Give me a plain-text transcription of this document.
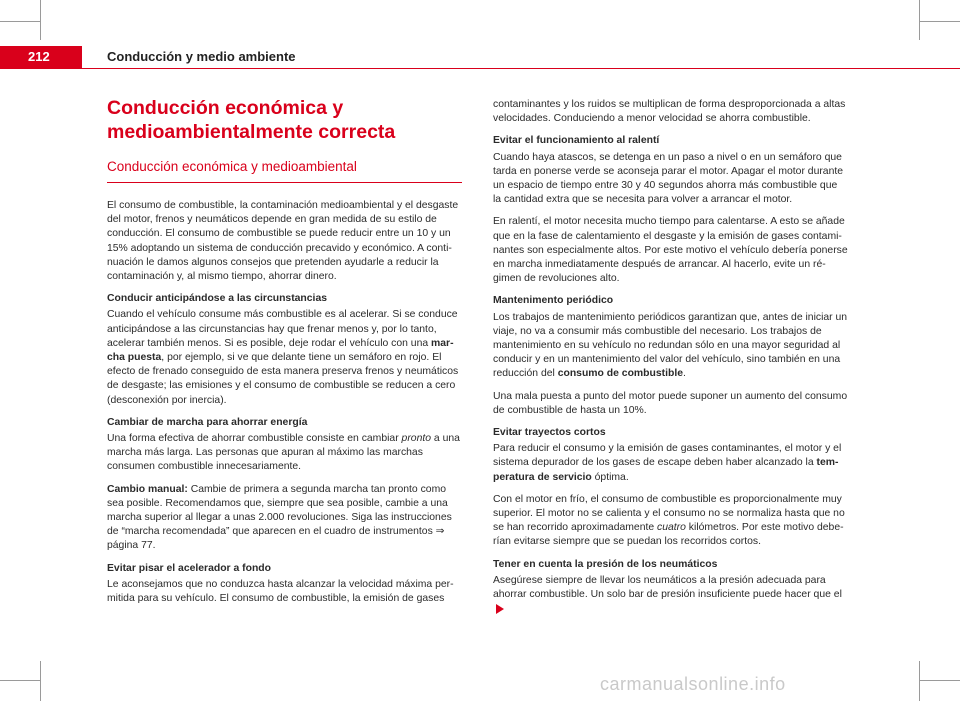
212	Conducción y medio ambiente
Conducción económica y medioambientalmente correcta
Conducción económica y medioambiental

El consumo de combustible, la contaminación medioambiental y el desgaste del motor, frenos y neumáticos depende en gran medida de su estilo de conducción. El consumo de combustible se puede reducir entre un 10 y un 15% adoptando un sistema de conducción precavido y económico. A continuación le damos algunos consejos que pretenden ayudarle a reducir la contaminación y, al mismo tiempo, ahorrar dinero.

Conducir anticipándose a las circunstancias

Cuando el vehículo consume más combustible es al acelerar. Si se conduce anticipándose a las circunstancias hay que frenar menos y, por lo tanto, acelerar también menos. Si es posible, deje rodar el vehículo con una marcha puesta, por ejemplo, si ve que delante tiene un semáforo en rojo. El efecto de frenado conseguido de esta manera preserva frenos y neumáticos de desgaste; las emisiones y el consumo de combustible se reducen a cero (desconexión por inercia).

Cambiar de marcha para ahorrar energía

Una forma efectiva de ahorrar combustible consiste en cambiar pronto a una marcha más larga. Las personas que apuran al máximo las marchas consumen combustible innecesariamente.

Cambio manual: Cambie de primera a segunda marcha tan pronto como sea posible. Recomendamos que, siempre que sea posible, cambie a una marcha superior al llegar a unas 2.000 revoluciones. Siga las instrucciones de “marcha recomendada” que aparecen en el cuadro de instrumentos ⇒ página 77.

Evitar pisar el acelerador a fondo

Le aconsejamos que no conduzca hasta alcanzar la velocidad máxima permitida para su vehículo. El consumo de combustible, la emisión de gases

contaminantes y los ruidos se multiplican de forma desproporcionada a altas velocidades. Conduciendo a menor velocidad se ahorra combustible.

Evitar el funcionamiento al ralentí

Cuando haya atascos, se detenga en un paso a nivel o en un semáforo que tarda en ponerse verde se aconseja parar el motor. Apagar el motor durante un espacio de tiempo entre 30 y 40 segundos ahorra más combustible que la cantidad extra que se necesita para volver a arrancar el motor.

En ralentí, el motor necesita mucho tiempo para calentarse. A esto se añade que en la fase de calentamiento el desgaste y la emisión de gases contaminantes son especialmente altos. Por este motivo el vehículo debería ponerse en marcha inmediatamente después de arrancar. Al hacerlo, evite un régimen de revoluciones alto.

Mantenimento periódico

Los trabajos de mantenimiento periódicos garantizan que, antes de iniciar un viaje, no va a consumir más combustible del necesario. Los trabajos de mantenimiento en su vehículo no redundan sólo en una mayor seguridad al conducir y en un mantenimiento del valor del vehículo, sino también en una reducción del consumo de combustible.

Una mala puesta a punto del motor puede suponer un aumento del consumo de combustible de hasta un 10%.

Evitar trayectos cortos

Para reducir el consumo y la emisión de gases contaminantes, el motor y el sistema depurador de los gases de escape deben haber alcanzado la temperatura de servicio óptima.

Con el motor en frío, el consumo de combustible es proporcionalmente muy superior. El motor no se calienta y el consumo no se normaliza hasta que no se han recorrido aproximadamente cuatro kilómetros. Por este motivo deberían evitarse siempre que se puedan los recorridos cortos.

Tener en cuenta la presión de los neumáticos

Asegúrese siempre de llevar los neumáticos a la presión adecuada para ahorrar combustible. Un solo bar de presión insuficiente puede hacer que el

carmanualsonline.info
